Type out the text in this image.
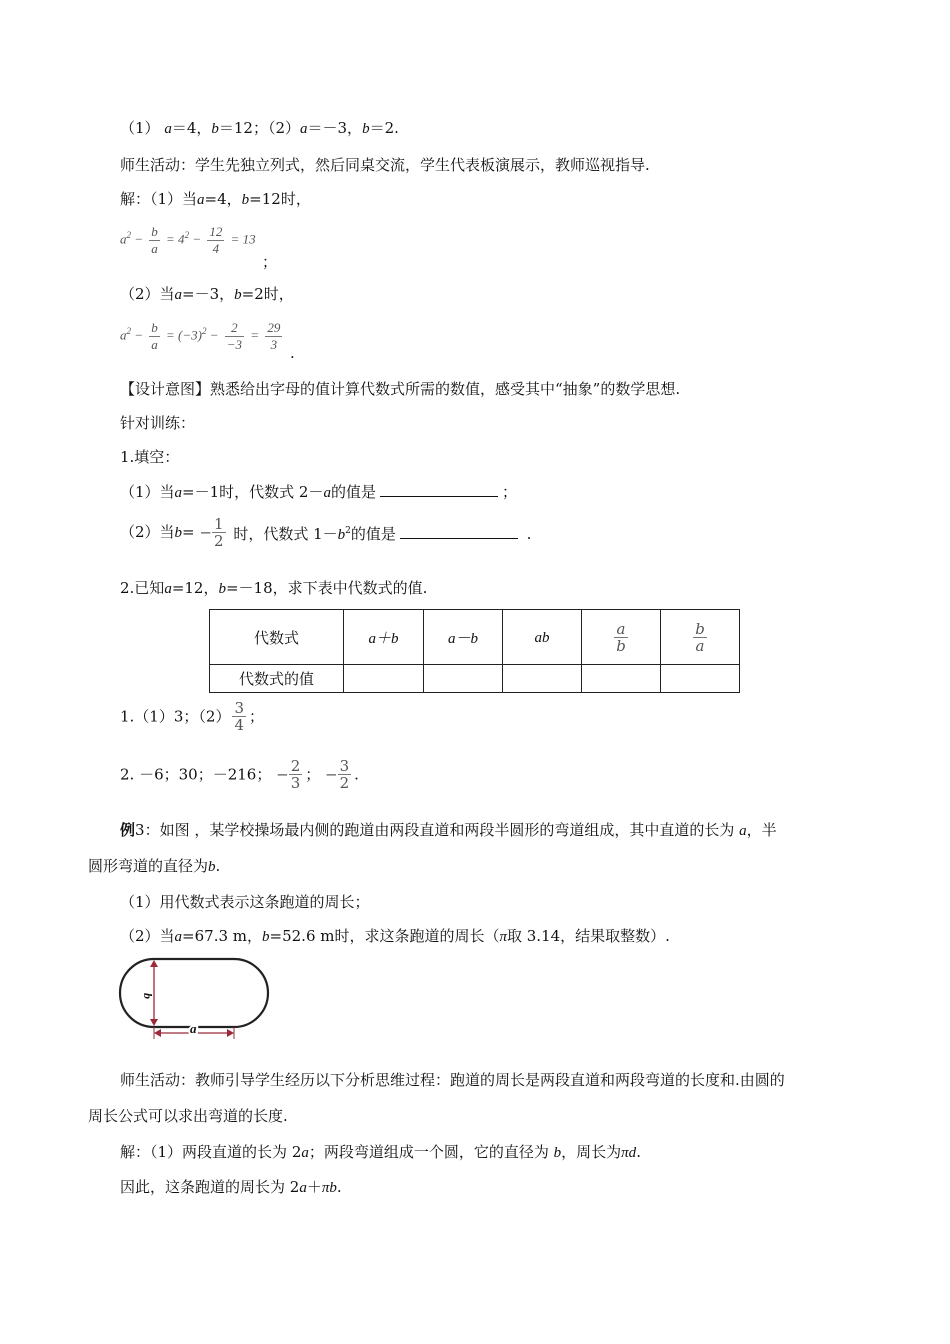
（1） a＝4，b＝12；（2）a＝－3，b＝2.
师生活动：学生先独立列式，然后同桌交流，学生代表板演展示，教师巡视指导.
解：（1）当a=4，b=12时，
$a^2 - \frac{b}{a} = 4^2 - \frac{12}{4} = 13$
；
（2）当a=－3，b=2时，
$a^2 - \frac{b}{a} = (-3)^2 - \frac{2}{-3} = \frac{29}{3}$ .
【设计意图】熟悉给出字母的值计算代数式所需的数值，感受其中“抽象”的数学思想.
针对训练：
1.填空：
（1）当a=－1时，代数式 2－a的值是	；
（2）当$b= - \frac{1}{2}$ 时，代数式 $1-b^2$的值是	.
2.已知a=12，b=－18，求下表中代数式的值.
代数式	a＋b	a－b	ab	$\frac{a}{b}$	$\frac{b}{a}$

代数式的值					
1.（1）3；$(2) \frac{3}{4}$ ；
2. －6；30；－216； − $\frac{2}{3}$ ； − $\frac{3}{2}$ .
例3：如图 ，某学校操场最内侧的跑道由两段直道和两段半圆形的弯道组成，其中直道的长为 a，半
圆形弯道的直径为b.
（1）用代数式表示这条跑道的周长；
（2）当a=67.3 m，b=52.6 m时，求这条跑道的周长（π取 3.14，结果取整数）.
b
a
师生活动：教师引导学生经历以下分析思维过程：跑道的周长是两段直道和两段弯道的长度和.由圆的
周长公式可以求出弯道的长度.
解：（1）两段直道的长为 2a；两段弯道组成一个圆，它的直径为 b，周长为πd.
因此，这条跑道的周长为 2a＋πb.
